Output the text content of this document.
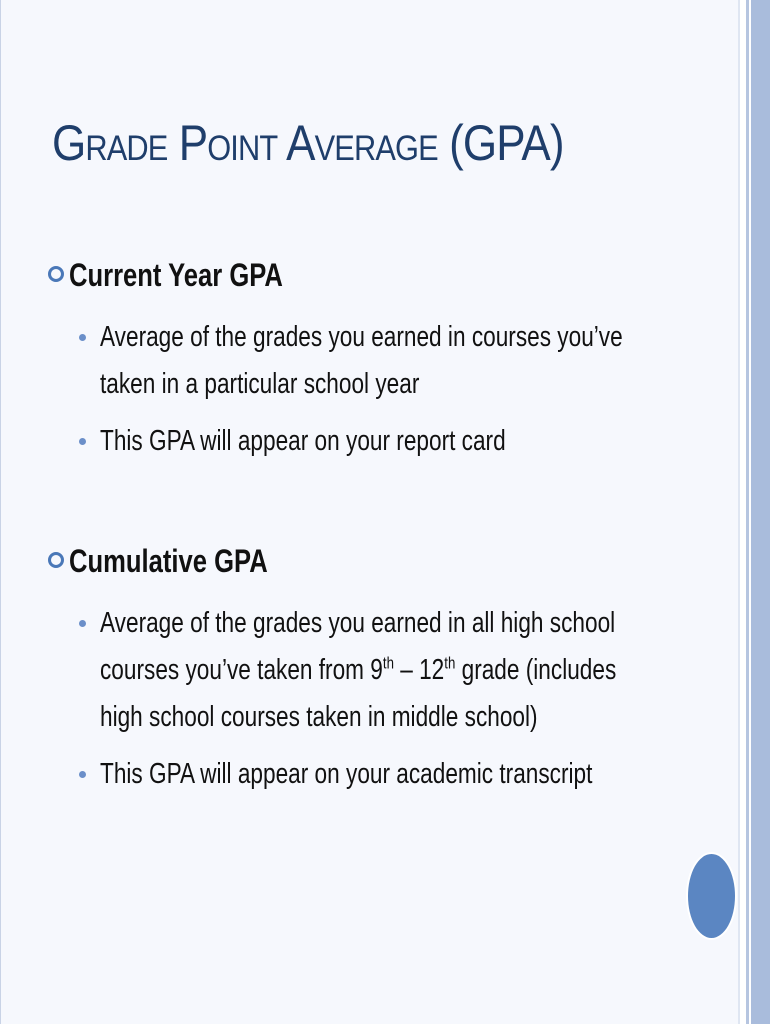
Grade Point Average (GPA)
Current Year GPA
Average of the grades you earned in courses you’ve taken in a particular school year
This GPA will appear on your report card
Cumulative GPA
Average of the grades you earned in all high school courses you’ve taken from 9th – 12th grade (includes high school courses taken in middle school)
This GPA will appear on your academic transcript
